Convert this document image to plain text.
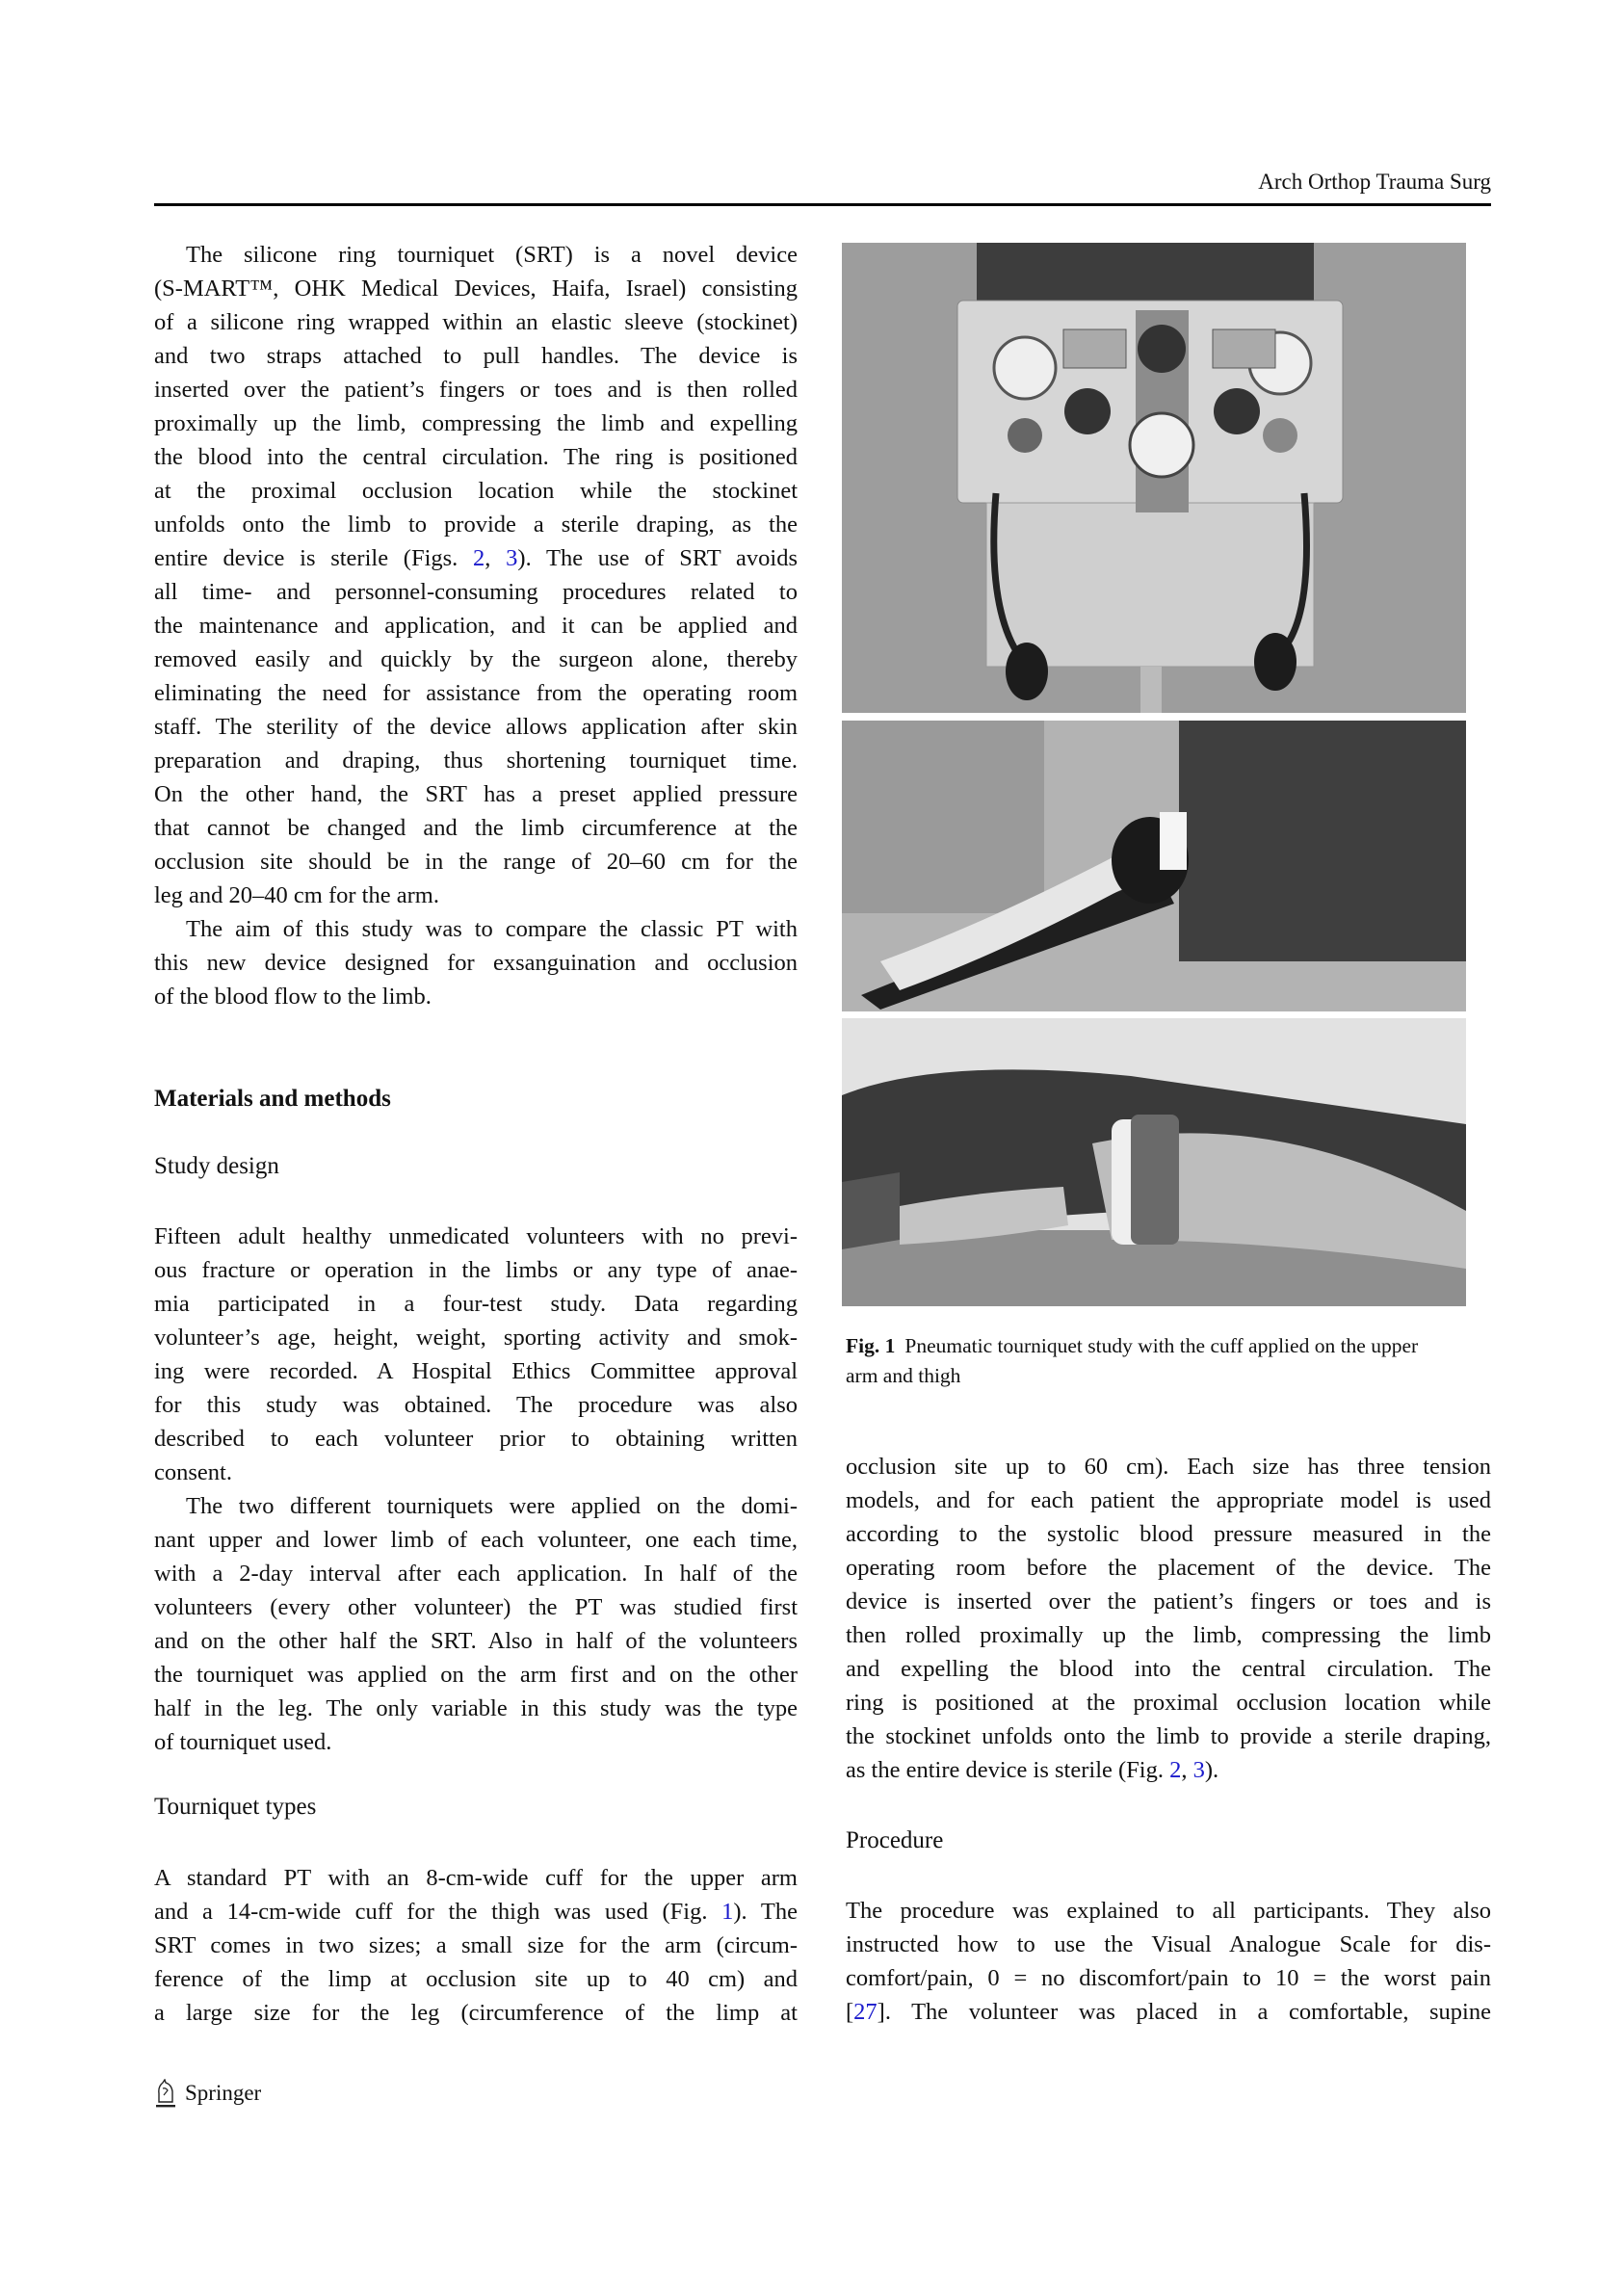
Arch Orthop Trauma Surg
The silicone ring tourniquet (SRT) is a novel device
(S-MART™, OHK Medical Devices, Haifa, Israel) consisting
of a silicone ring wrapped within an elastic sleeve (stockinet)
and two straps attached to pull handles. The device is
inserted over the patient’s fingers or toes and is then rolled
proximally up the limb, compressing the limb and expelling
the blood into the central circulation. The ring is positioned
at the proximal occlusion location while the stockinet
unfolds onto the limb to provide a sterile draping, as the
entire device is sterile (Figs. 2, 3). The use of SRT avoids
all time- and personnel-consuming procedures related to
the maintenance and application, and it can be applied and
removed easily and quickly by the surgeon alone, thereby
eliminating the need for assistance from the operating room
staff. The sterility of the device allows application after skin
preparation and draping, thus shortening tourniquet time.
On the other hand, the SRT has a preset applied pressure
that cannot be changed and the limb circumference at the
occlusion site should be in the range of 20–60 cm for the
leg and 20–40 cm for the arm.
The aim of this study was to compare the classic PT with
this new device designed for exsanguination and occlusion
of the blood flow to the limb.
Materials and methods
Study design
Fifteen adult healthy unmedicated volunteers with no previ-
ous fracture or operation in the limbs or any type of anae-
mia participated in a four-test study. Data regarding
volunteer’s age, height, weight, sporting activity and smok-
ing were recorded. A Hospital Ethics Committee approval
for this study was obtained. The procedure was also
described to each volunteer prior to obtaining written
consent.
The two different tourniquets were applied on the domi-
nant upper and lower limb of each volunteer, one each time,
with a 2-day interval after each application. In half of the
volunteers (every other volunteer) the PT was studied first
and on the other half the SRT. Also in half of the volunteers
the tourniquet was applied on the arm first and on the other
half in the leg. The only variable in this study was the type
of tourniquet used.
Tourniquet types
A standard PT with an 8-cm-wide cuff for the upper arm
and a 14-cm-wide cuff for the thigh was used (Fig. 1). The
SRT comes in two sizes; a small size for the arm (circum-
ference of the limp at occlusion site up to 40 cm) and
a large size for the leg (circumference of the limp at
Fig. 1 Pneumatic tourniquet study with the cuff applied on the upper
arm and thigh
occlusion site up to 60 cm). Each size has three tension
models, and for each patient the appropriate model is used
according to the systolic blood pressure measured in the
operating room before the placement of the device. The
device is inserted over the patient’s fingers or toes and is
then rolled proximally up the limb, compressing the limb
and expelling the blood into the central circulation. The
ring is positioned at the proximal occlusion location while
the stockinet unfolds onto the limb to provide a sterile draping,
as the entire device is sterile (Fig. 2, 3).
Procedure
The procedure was explained to all participants. They also
instructed how to use the Visual Analogue Scale for dis-
comfort/pain, 0 = no discomfort/pain to 10 = the worst pain
[27]. The volunteer was placed in a comfortable, supine
Springer
